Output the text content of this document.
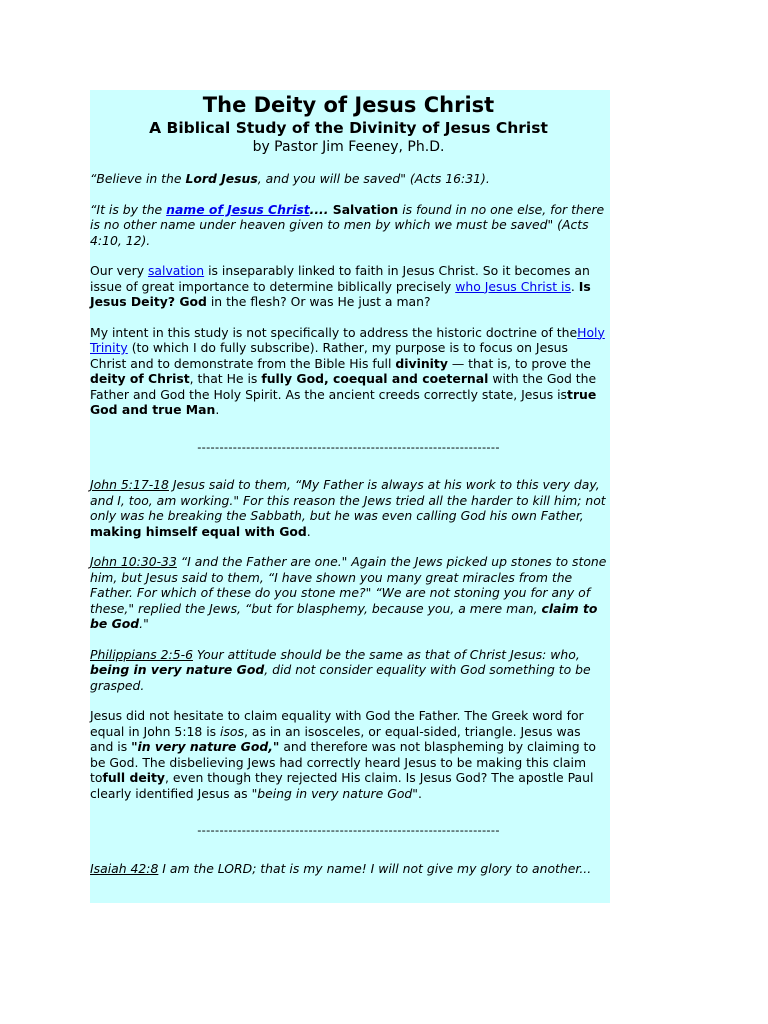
The Deity of Jesus Christ
A Biblical Study of the Divinity of Jesus Christ
by Pastor Jim Feeney, Ph.D.

“Believe in the Lord Jesus, and you will be saved" (Acts 16:31).

“It is by the name of Jesus Christ.... Salvation is found in no one else, for there is no other name under heaven given to men by which we must be saved" (Acts 4:10, 12).

Our very salvation is inseparably linked to faith in Jesus Christ. So it becomes an issue of great importance to determine biblically precisely who Jesus Christ is. Is Jesus Deity? God in the flesh? Or was He just a man?

My intent in this study is not specifically to address the historic doctrine of theHoly Trinity (to which I do fully subscribe). Rather, my purpose is to focus on Jesus Christ and to demonstrate from the Bible His full divinity — that is, to prove the deity of Christ, that He is fully God, coequal and coeternal with the God the Father and God the Holy Spirit. As the ancient creeds correctly state, Jesus istrue God and true Man.

--------------------------------------------------------------------

John 5:17-18 Jesus said to them, “My Father is always at his work to this very day, and I, too, am working." For this reason the Jews tried all the harder to kill him; not only was he breaking the Sabbath, but he was even calling God his own Father, making himself equal with God.

John 10:30-33 “I and the Father are one." Again the Jews picked up stones to stone him, but Jesus said to them, “I have shown you many great miracles from the Father. For which of these do you stone me?" “We are not stoning you for any of these," replied the Jews, “but for blasphemy, because you, a mere man, claim to be God."

Philippians 2:5-6 Your attitude should be the same as that of Christ Jesus: who, being in very nature God, did not consider equality with God something to be grasped.

Jesus did not hesitate to claim equality with God the Father. The Greek word for equal in John 5:18 is isos, as in an isosceles, or equal-sided, triangle. Jesus was and is "in very nature God," and therefore was not blaspheming by claiming to be God. The disbelieving Jews had correctly heard Jesus to be making this claim tofull deity, even though they rejected His claim. Is Jesus God? The apostle Paul clearly identified Jesus as "being in very nature God".

--------------------------------------------------------------------

Isaiah 42:8 I am the LORD; that is my name! I will not give my glory to another...
